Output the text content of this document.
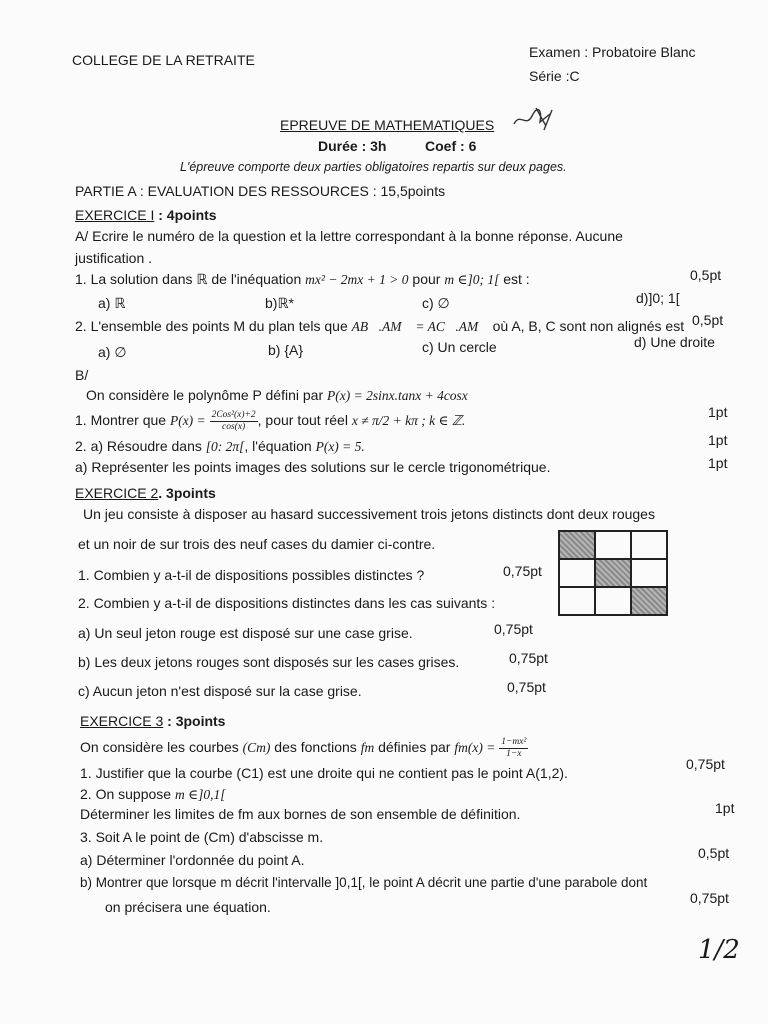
COLLEGE DE LA RETRAITE	Examen : Probatoire Blanc
Série :C
EPREUVE DE MATHEMATIQUES
Durée : 3h	Coef : 6
L'épreuve comporte deux parties obligatoires repartis sur deux pages.
PARTIE A : EVALUATION DES RESSOURCES : 15,5points
EXERCICE I : 4points
A/ Ecrire le numéro de la question et la lettre correspondant à la bonne réponse. Aucune
justification .
1. La solution dans ℝ de l'inéquation mx² − 2mx + 1 > 0 pour m ∈]0; 1[ est :	0,5pt
a) ℝ	b)ℝ*	c) ∅	d)]0; 1[
2. L'ensemble des points M du plan tels que AB⃗.AM⃗ = AC⃗.AM⃗ où A, B, C sont non alignés est 0,5pt
a) ∅	b) {A}	c) Un cercle	d) Une droite
B/
On considère le polynôme P défini par P(x) = 2sinx.tanx + 4cosx
1. Montrer que $P(x) = \frac{\text{2Cos²(x)+2}}{\cos(x)}$ , pour tout réel x ≠ π/2 + kπ ; k ∈ ℤ.
1pt
2. a) Résoudre dans [0: 2π[, l'équation P(x) = 5.	1pt
a) Représenter les points images des solutions sur le cercle trigonométrique.	1pt
EXERCICE 2. 3points
Un jeu consiste à disposer au hasard successivement trois jetons distincts dont deux rouges
et un noir de sur trois des neuf cases du damier ci-contre.
1. Combien y a-t-il de dispositions possibles distinctes ?	0,75pt
2. Combien y a-t-il de dispositions distinctes dans les cas suivants :
a) Un seul jeton rouge est disposé sur une case grise.	0,75pt
b) Les deux jetons rouges sont disposés sur les cases grises.	0,75pt
c) Aucun jeton n'est disposé sur la case grise.	0,75pt
EXERCICE 3 : 3points
On considère les courbes (Cm) des fonctions fm définies par $fm(x) = \frac{\text{1−mx²}}{1-x}$
1. Justifier que la courbe (C1) est une droite qui ne contient pas le point A(1,2).
0,75pt
2. On suppose m ∈]0,1[
Déterminer les limites de fm aux bornes de son ensemble de définition.	1pt
3. Soit A le point de (Cm) d'abscisse m.
a) Déterminer l'ordonnée du point A.	0,5pt
b) Montrer que lorsque m décrit l'intervalle ]0,1[, le point A décrit une partie d'une parabole dont
on précisera une équation.
0,75pt
1/2
